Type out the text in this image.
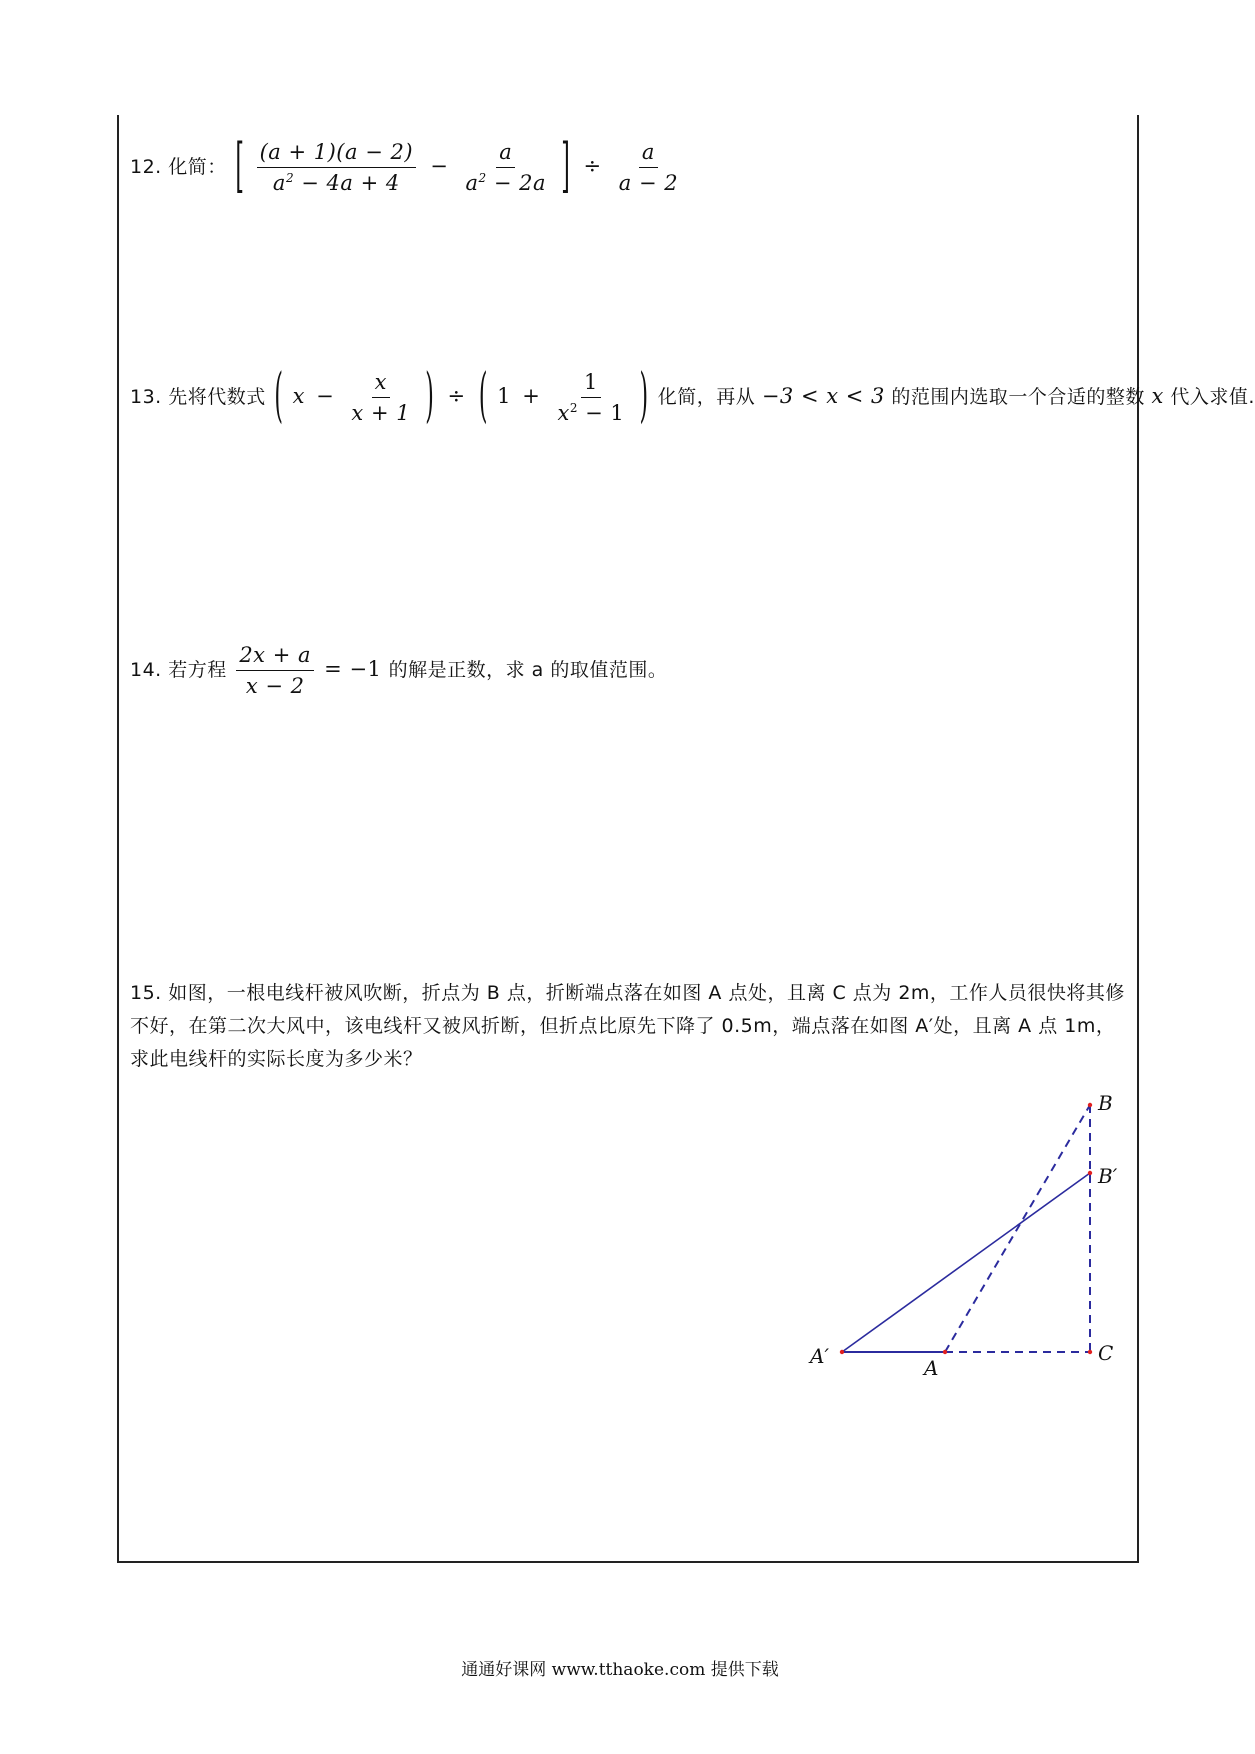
12. 化简： [ $\frac{(a + 1)(a - 2)}{a^2 - 4a + 4} - \frac{a}{a^2 - 2a}$ ] ÷ $\frac{a}{a - 2}$
13. 先将代数式 ( $x - \frac{x}{x + 1}$ ) ÷ ( $1 + \frac{1}{x^2 - 1}$ ) 化简，再从 −3 < x < 3 的范围内选取一个合适的整数 x 代入求值.
14. 若方程 $\frac{2x + a}{x - 2} = -1$ 的解是正数，求 a 的取值范围。
15. 如图，一根电线杆被风吹断，折点为 B 点，折断端点落在如图 A 点处，且离 C 点为 2m，工作人员很快将其修不好，在第二次大风中，该电线杆又被风折断，但折点比原先下降了 0.5m，端点落在如图 A′处，且离 A 点 1m，求此电线杆的实际长度为多少米？
B
B′
C
A
A′
通通好课网 www.tthaoke.com 提供下载
